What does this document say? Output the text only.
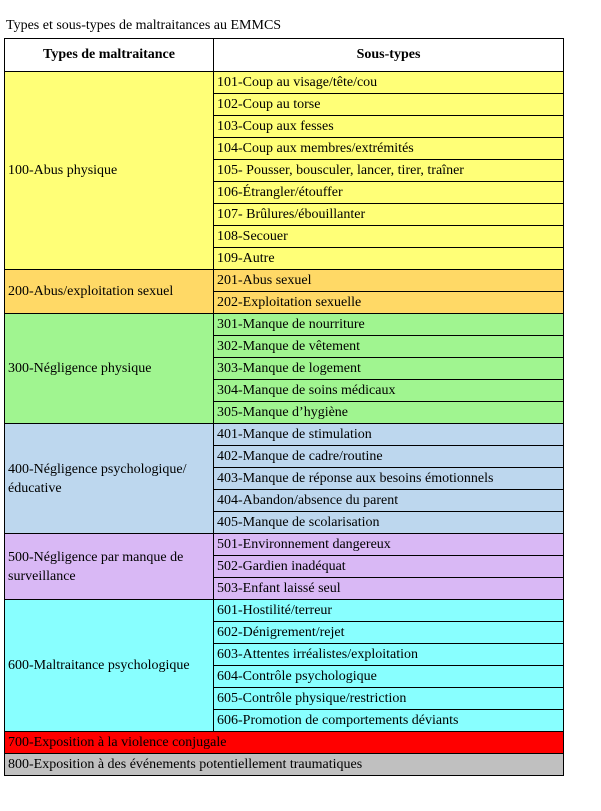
Types et sous-types de maltraitances au EMMCS
Types de maltraitance	Sous-types
100-Abus physique	101-Coup au visage/tête/cou
	102-Coup au torse
	103-Coup aux fesses
	104-Coup aux membres/extrémités
	105- Pousser, bousculer, lancer, tirer, traîner
	106-Étrangler/étouffer
	107- Brûlures/ébouillanter
	108-Secouer
	109-Autre
200-Abus/exploitation sexuel	201-Abus sexuel
	202-Exploitation sexuelle
300-Négligence physique	301-Manque de nourriture
	302-Manque de vêtement
	303-Manque de logement
	304-Manque de soins médicaux
	305-Manque d’hygiène
400-Négligence psychologique/éducative	401-Manque de stimulation
	402-Manque de cadre/routine
	403-Manque de réponse aux besoins émotionnels
	404-Abandon/absence du parent
	405-Manque de scolarisation
500-Négligence par manque de surveillance	501-Environnement dangereux
	502-Gardien inadéquat
	503-Enfant laissé seul
600-Maltraitance psychologique	601-Hostilité/terreur
	602-Dénigrement/rejet
	603-Attentes irréalistes/exploitation
	604-Contrôle psychologique
	605-Contrôle physique/restriction
	606-Promotion de comportements déviants
700-Exposition à la violence conjugale	
800-Exposition à des événements potentiellement traumatiques	
